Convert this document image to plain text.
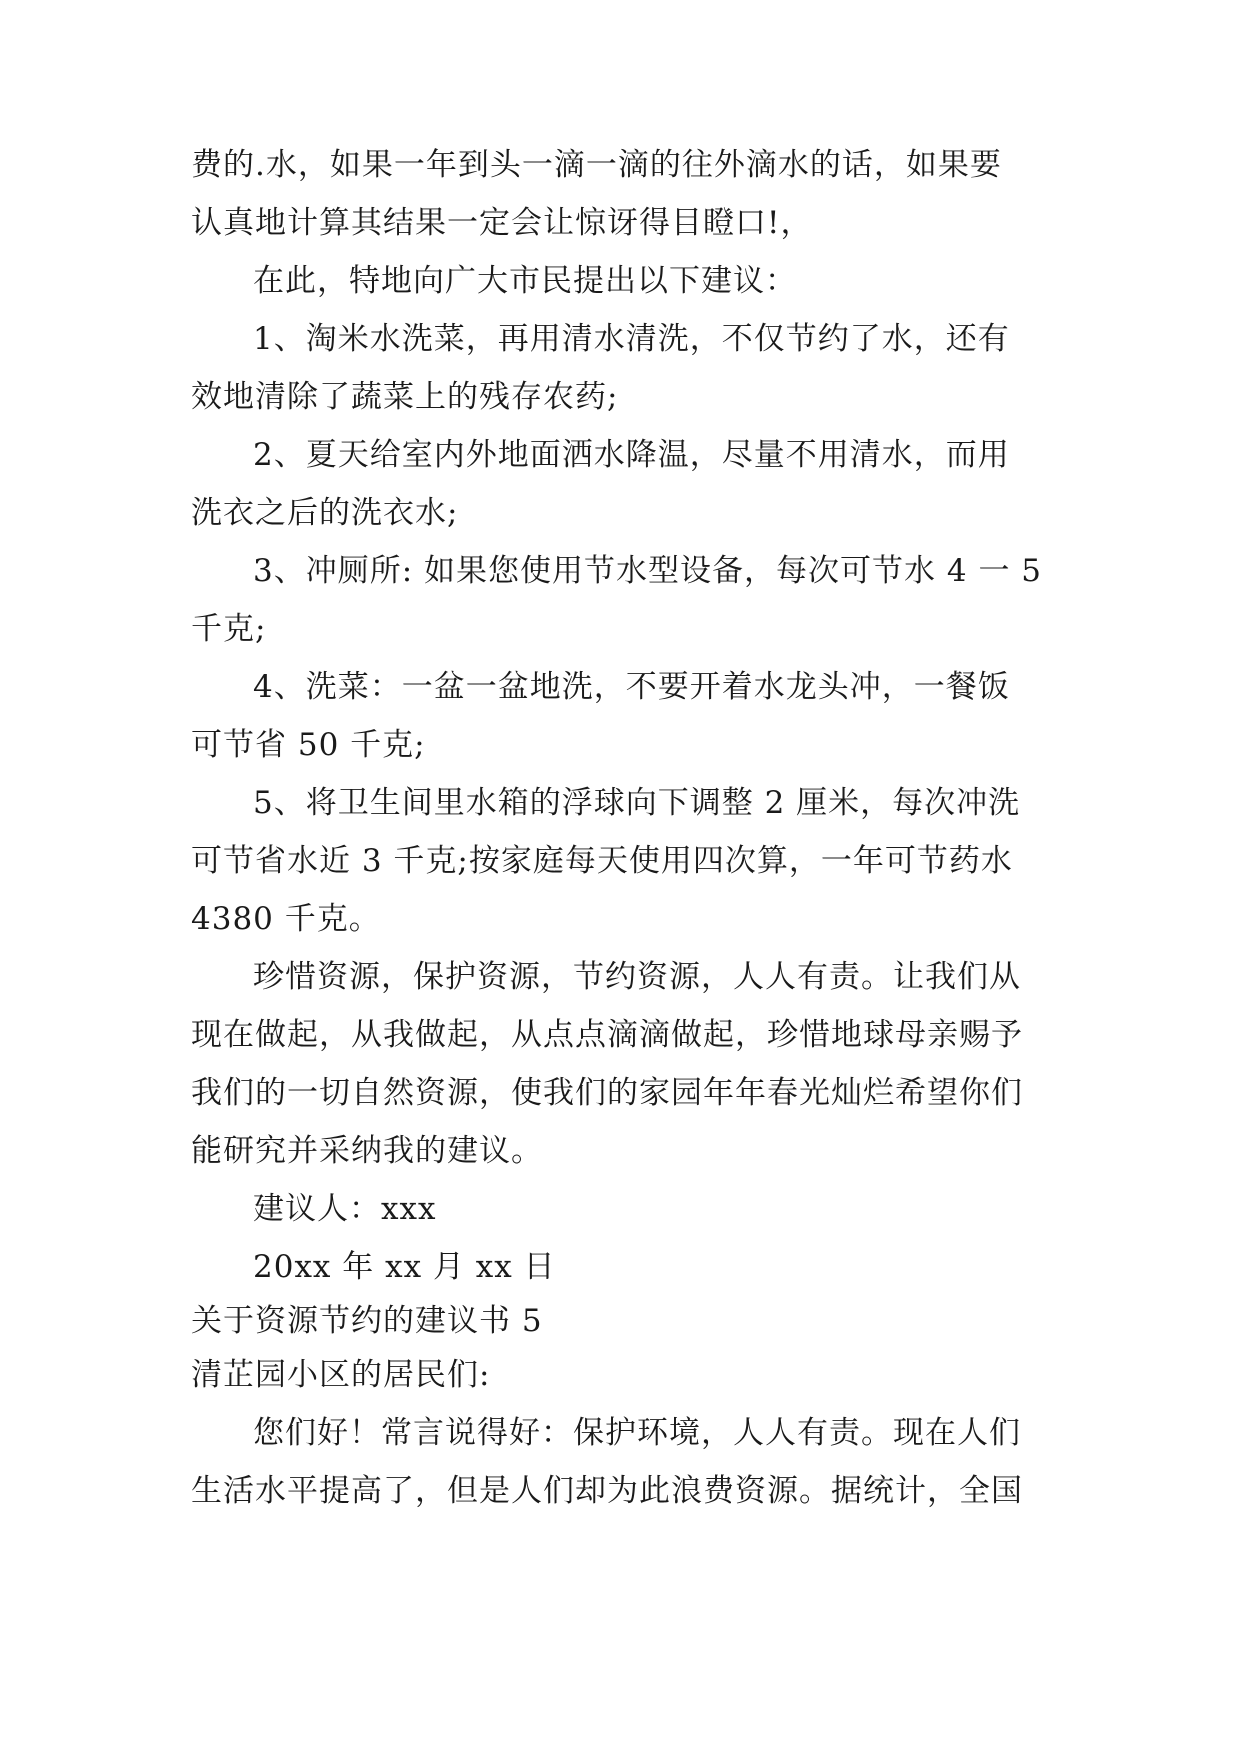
费的.水，如果一年到头一滴一滴的往外滴水的话，如果要
认真地计算其结果一定会让惊讶得目瞪口!，
在此，特地向广大市民提出以下建议：
1、淘米水洗菜，再用清水清洗，不仅节约了水，还有
效地清除了蔬菜上的残存农药;
2、夏天给室内外地面洒水降温，尽量不用清水，而用
洗衣之后的洗衣水;
3、冲厕所: 如果您使用节水型设备，每次可节水 4 一 5
千克;
4、洗菜：一盆一盆地洗，不要开着水龙头冲，一餐饭
可节省 50 千克;
5、将卫生间里水箱的浮球向下调整 2 厘米，每次冲洗
可节省水近 3 千克;按家庭每天使用四次算，一年可节药水
4380 千克。
珍惜资源，保护资源，节约资源，人人有责。让我们从
现在做起，从我做起，从点点滴滴做起，珍惜地球母亲赐予
我们的一切自然资源，使我们的家园年年春光灿烂希望你们
能研究并采纳我的建议。
建议人：xxx
20xx 年 xx 月 xx 日
关于资源节约的建议书 5
清芷园小区的居民们:
您们好！常言说得好：保护环境，人人有责。现在人们
生活水平提高了，但是人们却为此浪费资源。据统计，全国
